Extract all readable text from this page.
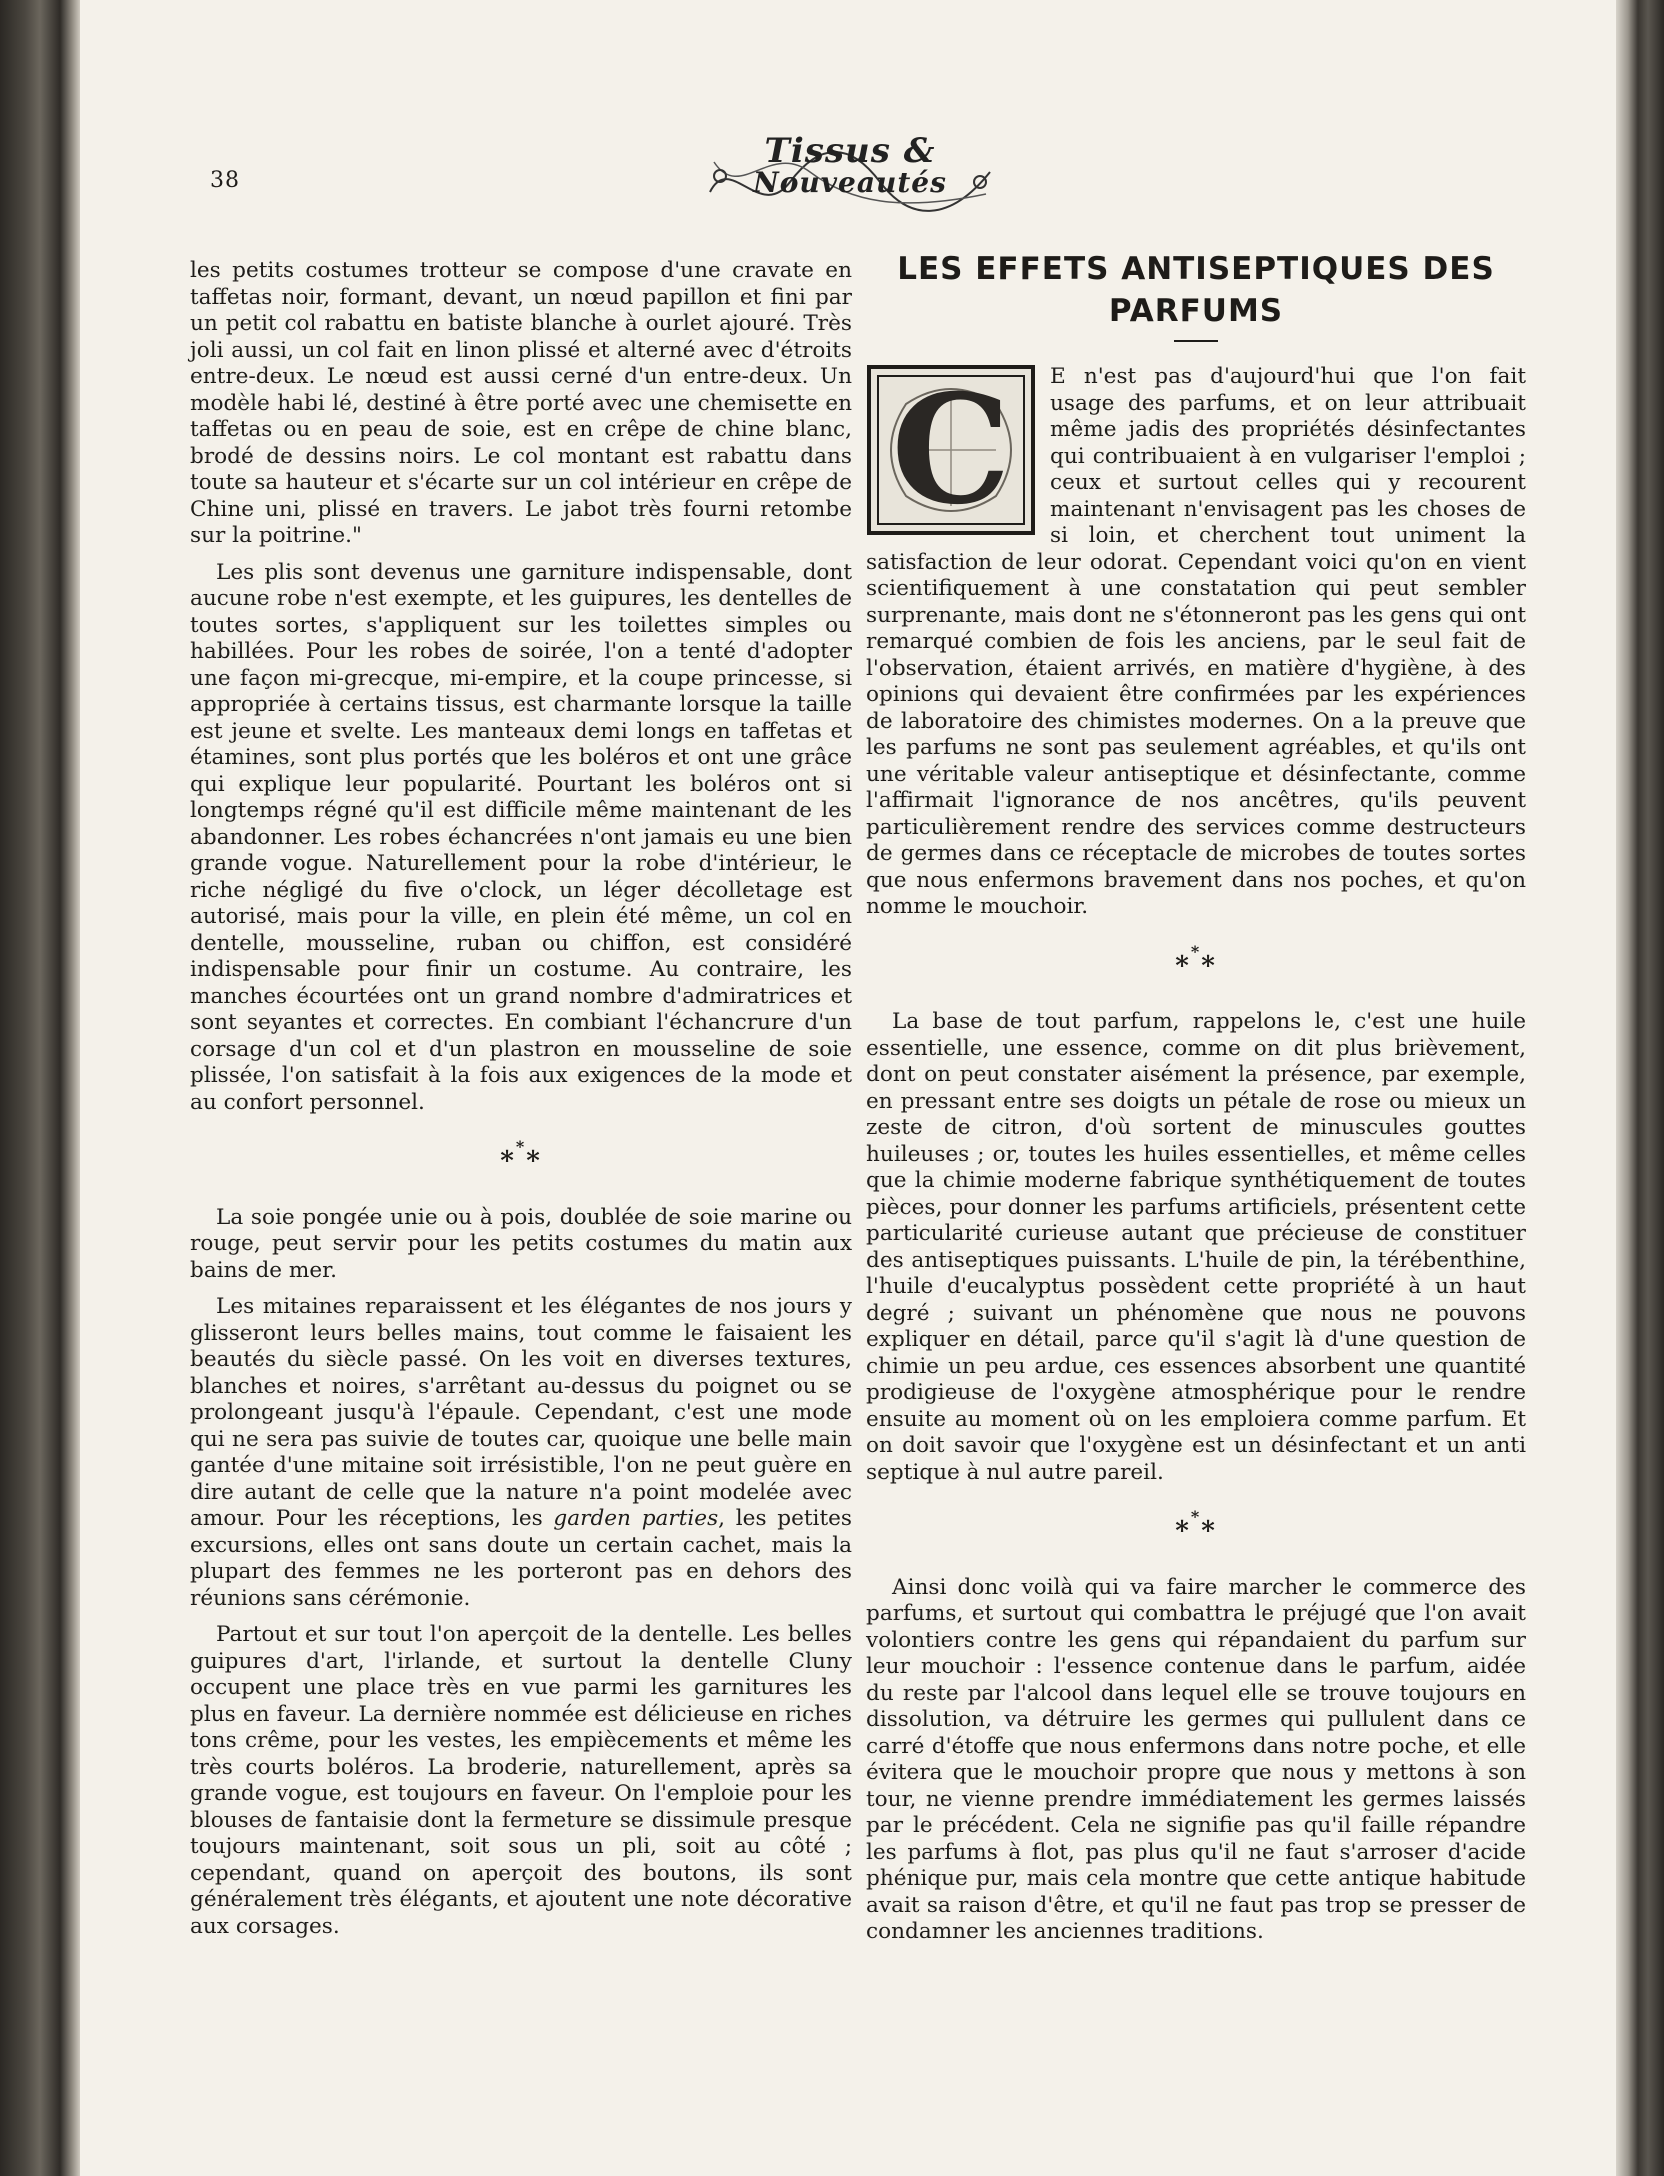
38
Tissus &
Nouveautés

les petits costumes trotteur se compose d'une cravate en taffetas noir, formant, devant, un nœud papillon et fini par un petit col rabattu en batiste blanche à ourlet ajouré. Très joli aussi, un col fait en linon plissé et alterné avec d'étroits entre-deux. Le nœud est aussi cerné d'un entre-deux. Un modèle habi lé, destiné à être porté avec une chemisette en taffetas ou en peau de soie, est en crêpe de chine blanc, brodé de dessins noirs. Le col montant est rabattu dans toute sa hauteur et s'écarte sur un col intérieur en crêpe de Chine uni, plissé en travers. Le jabot très fourni retombe sur la poitrine."

Les plis sont devenus une garniture indispensable, dont aucune robe n'est exempte, et les guipures, les dentelles de toutes sortes, s'appliquent sur les toilettes simples ou habillées. Pour les robes de soirée, l'on a tenté d'adopter une façon mi-grecque, mi-empire, et la coupe princesse, si appropriée à certains tissus, est charmante lorsque la taille est jeune et svelte. Les manteaux demi longs en taffetas et étamines, sont plus portés que les boléros et ont une grâce qui explique leur popularité. Pourtant les boléros ont si longtemps régné qu'il est difficile même maintenant de les abandonner. Les robes échancrées n'ont jamais eu une bien grande vogue. Naturellement pour la robe d'intérieur, le riche négligé du five o'clock, un léger décolletage est autorisé, mais pour la ville, en plein été même, un col en dentelle, mousseline, ruban ou chiffon, est considéré indispensable pour finir un costume. Au contraire, les manches écourtées ont un grand nombre d'admiratrices et sont seyantes et correctes. En combiant l'échancrure d'un corsage d'un col et d'un plastron en mousseline de soie plissée, l'on satisfait à la fois aux exigences de la mode et au confort personnel.

***

La soie pongée unie ou à pois, doublée de soie marine ou rouge, peut servir pour les petits costumes du matin aux bains de mer.

Les mitaines reparaissent et les élégantes de nos jours y glisseront leurs belles mains, tout comme le faisaient les beautés du siècle passé. On les voit en diverses textures, blanches et noires, s'arrêtant au-dessus du poignet ou se prolongeant jusqu'à l'épaule. Cependant, c'est une mode qui ne sera pas suivie de toutes car, quoique une belle main gantée d'une mitaine soit irrésistible, l'on ne peut guère en dire autant de celle que la nature n'a point modelée avec amour. Pour les réceptions, les garden parties, les petites excursions, elles ont sans doute un certain cachet, mais la plupart des femmes ne les porteront pas en dehors des réunions sans cérémonie.

Partout et sur tout l'on aperçoit de la dentelle. Les belles guipures d'art, l'irlande, et surtout la dentelle Cluny occupent une place très en vue parmi les garnitures les plus en faveur. La dernière nommée est délicieuse en riches tons crême, pour les vestes, les empiècements et même les très courts boléros. La broderie, naturellement, après sa grande vogue, est toujours en faveur. On l'emploie pour les blouses de fantaisie dont la fermeture se dissimule presque toujours maintenant, soit sous un pli, soit au côté ; cependant, quand on aperçoit des boutons, ils sont généralement très élégants, et ajoutent une note décorative aux corsages.

LES EFFETS ANTISEPTIQUES DES PARFUMS

C	E n'est pas d'aujourd'hui que l'on fait usage des parfums, et on leur attribuait même jadis des propriétés désinfectantes qui contribuaient à en vulgariser l'emploi ; ceux et surtout celles qui y recourent maintenant n'envisagent pas les choses de si loin, et cherchent tout uniment la satisfaction de leur odorat. Cependant voici qu'on en vient scientifiquement à une constatation qui peut sembler surprenante, mais dont ne s'étonneront pas les gens qui ont remarqué combien de fois les anciens, par le seul fait de l'observation, étaient arrivés, en matière d'hygiène, à des opinions qui devaient être confirmées par les expériences de laboratoire des chimistes modernes. On a la preuve que les parfums ne sont pas seulement agréables, et qu'ils ont une véritable valeur antiseptique et désinfectante, comme l'affirmait l'ignorance de nos ancêtres, qu'ils peuvent particulièrement rendre des services comme destructeurs de germes dans ce réceptacle de microbes de toutes sortes que nous enfermons bravement dans nos poches, et qu'on nomme le mouchoir.

***

La base de tout parfum, rappelons le, c'est une huile essentielle, une essence, comme on dit plus brièvement, dont on peut constater aisément la présence, par exemple, en pressant entre ses doigts un pétale de rose ou mieux un zeste de citron, d'où sortent de minuscules gouttes huileuses ; or, toutes les huiles essentielles, et même celles que la chimie moderne fabrique synthétiquement de toutes pièces, pour donner les parfums artificiels, présentent cette particularité curieuse autant que précieuse de constituer des antiseptiques puissants. L'huile de pin, la térébenthine, l'huile d'eucalyptus possèdent cette propriété à un haut degré ; suivant un phénomène que nous ne pouvons expliquer en détail, parce qu'il s'agit là d'une question de chimie un peu ardue, ces essences absorbent une quantité prodigieuse de l'oxygène atmosphérique pour le rendre ensuite au moment où on les emploiera comme parfum. Et on doit savoir que l'oxygène est un désinfectant et un anti septique à nul autre pareil.

***

Ainsi donc voilà qui va faire marcher le commerce des parfums, et surtout qui combattra le préjugé que l'on avait volontiers contre les gens qui répandaient du parfum sur leur mouchoir : l'essence contenue dans le parfum, aidée du reste par l'alcool dans lequel elle se trouve toujours en dissolution, va détruire les germes qui pullulent dans ce carré d'étoffe que nous enfermons dans notre poche, et elle évitera que le mouchoir propre que nous y mettons à son tour, ne vienne prendre immédiatement les germes laissés par le précédent. Cela ne signifie pas qu'il faille répandre les parfums à flot, pas plus qu'il ne faut s'arroser d'acide phénique pur, mais cela montre que cette antique habitude avait sa raison d'être, et qu'il ne faut pas trop se presser de condamner les anciennes traditions.
